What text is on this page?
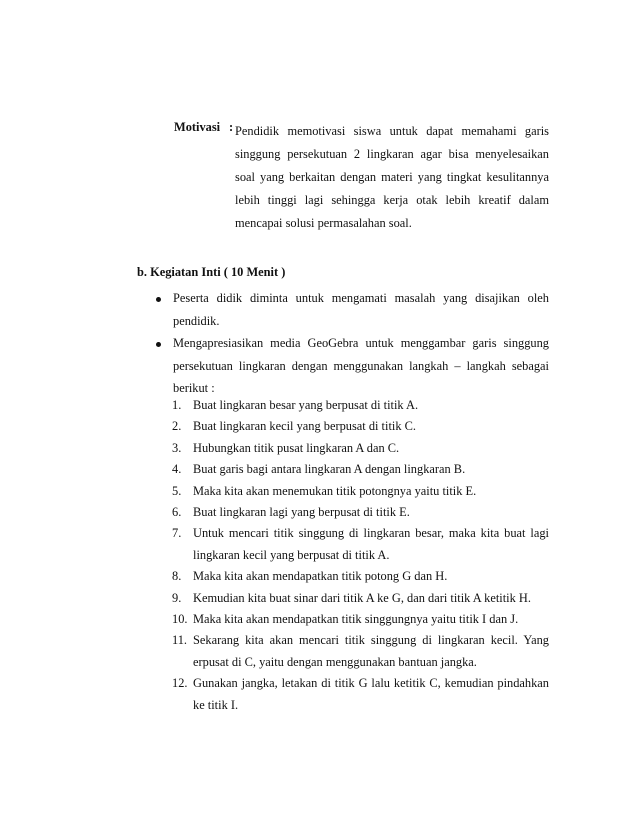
Motivasi : Pendidik memotivasi siswa untuk dapat memahami garis
singgung persekutuan 2 lingkaran agar bisa menyelesaikan
soal yang berkaitan dengan materi yang tingkat kesulitannya
lebih tinggi lagi sehingga kerja otak lebih kreatif dalam
mencapai solusi permasalahan soal.
b. Kegiatan Inti ( 10 Menit )
Peserta didik diminta untuk mengamati masalah yang disajikan oleh
pendidik.
Mengapresiasikan media GeoGebra untuk menggambar garis singgung
persekutuan lingkaran dengan menggunakan langkah – langkah sebagai
berikut :
1. Buat lingkaran besar yang berpusat di titik A.
2. Buat lingkaran kecil yang berpusat di titik C.
3. Hubungkan titik pusat lingkaran A dan C.
4. Buat garis bagi antara lingkaran A dengan lingkaran B.
5. Maka kita akan menemukan titik potongnya yaitu titik E.
6. Buat lingkaran lagi yang berpusat di titik E.
7. Untuk mencari titik singgung di lingkaran besar, maka kita buat lagi
lingkaran kecil yang berpusat di titik A.
8. Maka kita akan mendapatkan titik potong G dan H.
9. Kemudian kita buat sinar dari titik A ke G, dan dari titik A ketitik H.
10. Maka kita akan mendapatkan titik singgungnya yaitu titik I dan J.
11. Sekarang kita akan mencari titik singgung di lingkaran kecil. Yang
erpusat di C, yaitu dengan menggunakan bantuan jangka.
12. Gunakan jangka, letakan di titik G lalu ketitik C, kemudian pindahkan
ke titik I.
